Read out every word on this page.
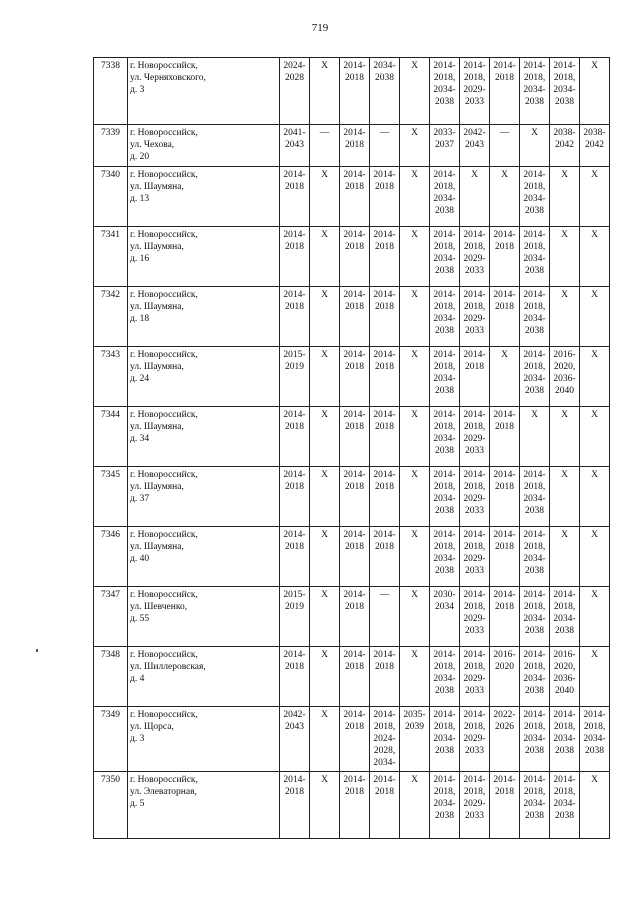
719
7338	г. Новороссийск,
ул. Черняховского,
д. 3	2024-
2028	Х	2014-
2018	2034-
2038	Х	2014-
2018,
2034-
2038	2014-
2018,
2029-
2033	2014-
2018	2014-
2018,
2034-
2038	2014-
2018,
2034-
2038	Х
7339	г. Новороссийск,
ул. Чехова,
д. 20	2041-
2043	—	2014-
2018	—	Х	2033-
2037	2042-
2043	—	Х	2038-
2042	2038-
2042
7340	г. Новороссийск,
ул. Шаумяна,
д. 13	2014-
2018	Х	2014-
2018	2014-
2018	Х	2014-
2018,
2034-
2038	Х	Х	2014-
2018,
2034-
2038	Х	Х
7341	г. Новороссийск,
ул. Шаумяна,
д. 16	2014-
2018	Х	2014-
2018	2014-
2018	Х	2014-
2018,
2034-
2038	2014-
2018,
2029-
2033	2014-
2018	2014-
2018,
2034-
2038	Х	Х
7342	г. Новороссийск,
ул. Шаумяна,
д. 18	2014-
2018	Х	2014-
2018	2014-
2018	Х	2014-
2018,
2034-
2038	2014-
2018,
2029-
2033	2014-
2018	2014-
2018,
2034-
2038	Х	Х
7343	г. Новороссийск,
ул. Шаумяна,
д. 24	2015-
2019	Х	2014-
2018	2014-
2018	Х	2014-
2018,
2034-
2038	2014-
2018	Х	2014-
2018,
2034-
2038	2016-
2020,
2036-
2040	Х
7344	г. Новороссийск,
ул. Шаумяна,
д. 34	2014-
2018	Х	2014-
2018	2014-
2018	Х	2014-
2018,
2034-
2038	2014-
2018,
2029-
2033	2014-
2018	Х	Х	Х
7345	г. Новороссийск,
ул. Шаумяна,
д. 37	2014-
2018	Х	2014-
2018	2014-
2018	Х	2014-
2018,
2034-
2038	2014-
2018,
2029-
2033	2014-
2018	2014-
2018,
2034-
2038	Х	Х
7346	г. Новороссийск,
ул. Шаумяна,
д. 40	2014-
2018	Х	2014-
2018	2014-
2018	Х	2014-
2018,
2034-
2038	2014-
2018,
2029-
2033	2014-
2018	2014-
2018,
2034-
2038	Х	Х
7347	г. Новороссийск,
ул. Шевченко,
д. 55	2015-
2019	Х	2014-
2018	—	Х	2030-
2034	2014-
2018,
2029-
2033	2014-
2018	2014-
2018,
2034-
2038	2014-
2018,
2034-
2038	Х
7348	г. Новороссийск,
ул. Шиллеровская,
д. 4	2014-
2018	Х	2014-
2018	2014-
2018	Х	2014-
2018,
2034-
2038	2014-
2018,
2029-
2033	2016-
2020	2014-
2018,
2034-
2038	2016-
2020,
2036-
2040	Х
7349	г. Новороссийск,
ул. Щорса,
д. 3	2042-
2043	Х	2014-
2018	2014-
2018,
2024-
2028,
2034-	2035-
2039	2014-
2018,
2034-
2038	2014-
2018,
2029-
2033	2022-
2026	2014-
2018,
2034-
2038	2014-
2018,
2034-
2038	2014-
2018,
2034-
2038
7350	г. Новороссийск,
ул. Элеваторная,
д. 5	2014-
2018	Х	2014-
2018	2014-
2018	Х	2014-
2018,
2034-
2038	2014-
2018,
2029-
2033	2014-
2018	2014-
2018,
2034-
2038	2014-
2018,
2034-
2038	Х
